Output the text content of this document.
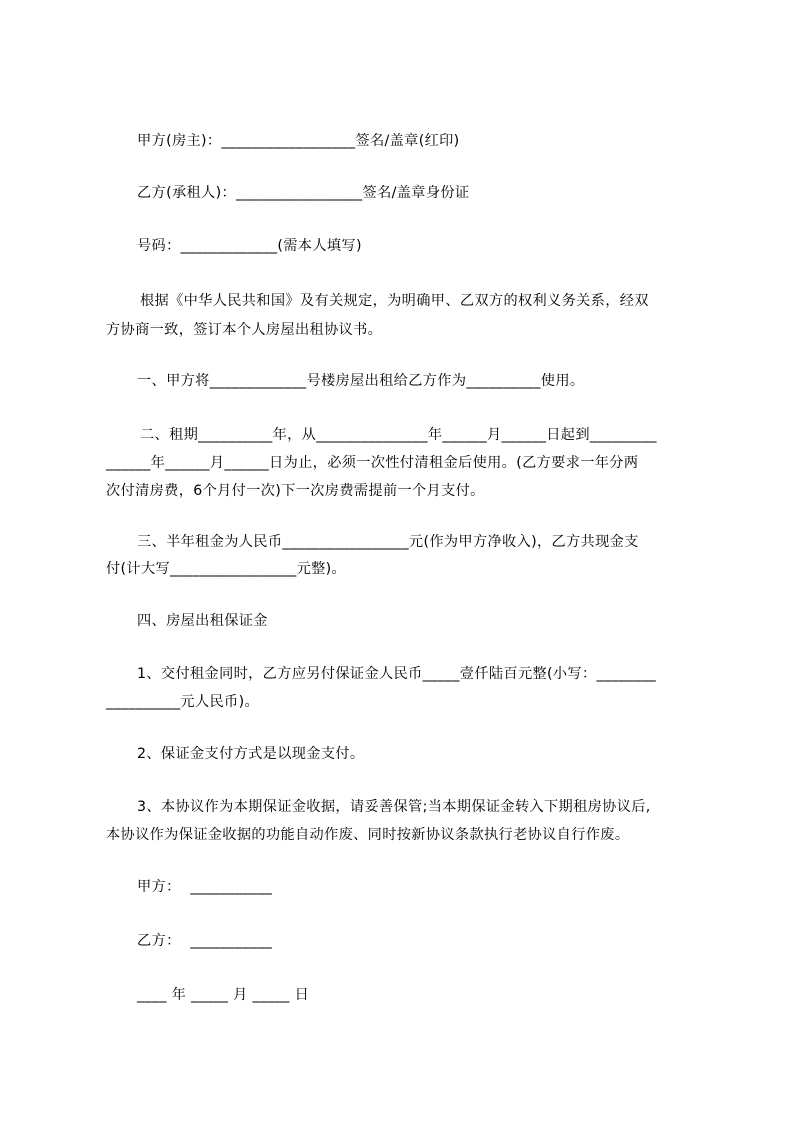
甲方(房主)：__________________签名/盖章(红印)
乙方(承租人)：_________________签名/盖章身份证
号码：_____________(需本人填写)
根据《中华人民共和国》及有关规定，为明确甲、乙双方的权利义务关系，经双
方协商一致，签订本个人房屋出租协议书。
一、甲方将_____________号楼房屋出租给乙方作为__________使用。
二、租期__________年，从_______________年______月______日起到_________
______年______月______日为止，必须一次性付清租金后使用。(乙方要求一年分两
次付清房费，6个月付一次)下一次房费需提前一个月支付。
三、半年租金为人民币_________________元(作为甲方净收入)，乙方共现金支
付(计大写_________________元整)。
四、房屋出租保证金
1、交付租金同时，乙方应另付保证金人民币_____壹仟陆百元整(小写：________
__________元人民币)。
2、保证金支付方式是以现金支付。
3、本协议作为本期保证金收据，请妥善保管;当本期保证金转入下期租房协议后,
本协议作为保证金收据的功能自动作废、同时按新协议条款执行老协议自行作废。
甲方：  ___________
乙方：  ___________
____ 年 _____ 月 _____ 日
